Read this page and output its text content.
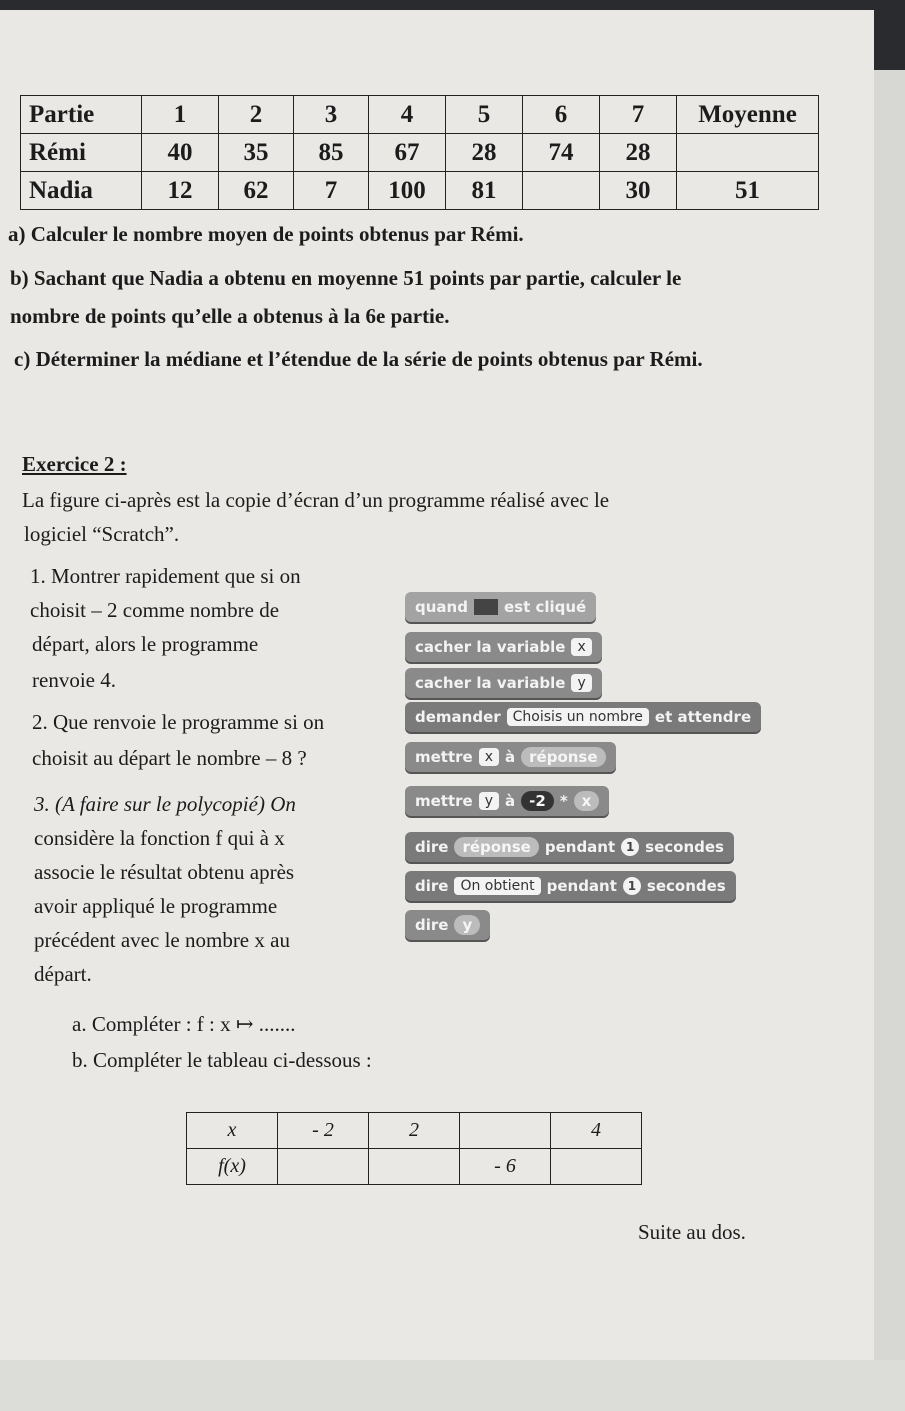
Partie	1	2	3	4	5	6	7	Moyenne
Rémi	40	35	85	67	28	74	28	
Nadia	12	62	7	100	81		30	51
a) Calculer le nombre moyen de points obtenus par Rémi.
b) Sachant que Nadia a obtenu en moyenne 51 points par partie, calculer le
nombre de points qu’elle a obtenus à la 6e partie.
c) Déterminer la médiane et l’étendue de la série de points obtenus par Rémi.
Exercice 2 :
La figure ci-après est la copie d’écran d’un programme réalisé avec le
logiciel “Scratch”.
1. Montrer rapidement que si on
choisit – 2 comme nombre de
départ, alors le programme
renvoie 4.
2. Que renvoie le programme si on
choisit au départ le nombre – 8 ?
3. (A faire sur le polycopié) On
considère la fonction f qui à x
associe le résultat obtenu après
avoir appliqué le programme
précédent avec le nombre x au
départ.
a. Compléter : f : x ↦ .......
b. Compléter le tableau ci-dessous :
quand est cliqué
cacher la variable x
cacher la variable y
demander Choisis un nombre et attendre
mettre x à réponse
mettre y à -2 * x
dire réponse pendant 1 secondes
dire On obtient pendant 1 secondes
dire y
x	- 2	2		4
f(x)			- 6	
Suite au dos.
